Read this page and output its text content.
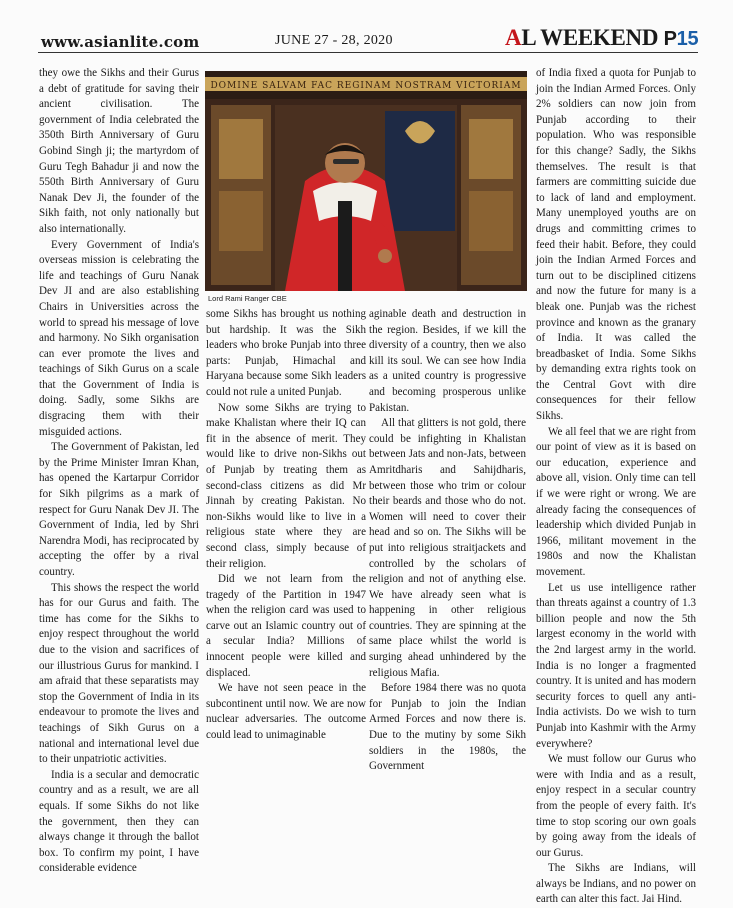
www.asianlite.com	JUNE 27 - 28, 2020	AL WEEKEND P15

they owe the Sikhs and their Gurus a debt of gratitude for saving their ancient civilisation. The government of India celebrated the 350th Birth Anniversary of Guru Gobind Singh ji; the martyrdom of Guru Tegh Bahadur ji and now the 550th Birth Anniversary of Guru Nanak Dev Ji, the founder of the Sikh faith, not only nationally but also internationally.

Every Government of India's overseas mission is celebrating the life and teachings of Guru Nanak Dev JI and are also establishing Chairs in Universities across the world to spread his message of love and harmony. No Sikh organisation can ever promote the lives and teachings of Sikh Gurus on a scale that the Government of India is doing. Sadly, some Sikhs are disgracing them with their misguided actions.

The Government of Pakistan, led by the Prime Minister Imran Khan, has opened the Kartarpur Corridor for Sikh pilgrims as a mark of respect for Guru Nanak Dev JI. The Government of India, led by Shri Narendra Modi, has reciprocated by accepting the offer by a rival country.

This shows the respect the world has for our Gurus and faith. The time has come for the Sikhs to enjoy respect throughout the world due to the vision and sacrifices of our illustrious Gurus for mankind. I am afraid that these separatists may stop the Government of India in its endeavour to promote the lives and teachings of Sikh Gurus on a national and international level due to their unpatriotic activities.

India is a secular and democratic country and as a result, we are all equals. If some Sikhs do not like the government, then they can always change it through the ballot box. To confirm my point, I have considerable evidence

DOMINE SALVAM FAC REGINAM NOSTRAM VICTORIAM
Lord Rami Ranger CBE

some Sikhs has brought us nothing but hardship. It was the Sikh leaders who broke Punjab into three parts: Punjab, Himachal and Haryana because some Sikh leaders could not rule a united Punjab.

Now some Sikhs are trying to make Khalistan where their IQ can fit in the absence of merit. They would like to drive non-Sikhs out of Punjab by treating them as second-class citizens as did Mr Jinnah by creating Pakistan. No non-Sikhs would like to live in a religious state where they are second class, simply because of their religion.

Did we not learn from the tragedy of the Partition in 1947 when the religion card was used to carve out an Islamic country out of a secular India? Millions of innocent people were killed and displaced.

We have not seen peace in the subcontinent until now. We are now nuclear adversaries. The outcome could lead to unimaginable

aginable death and destruction in the region. Besides, if we kill the diversity of a country, then we also kill its soul. We can see how India as a united country is progressive and becoming prosperous unlike Pakistan.

All that glitters is not gold, there could be infighting in Khalistan between Jats and non-Jats, between Amritdharis and Sahijdharis, between those who trim or colour their beards and those who do not. Women will need to cover their head and so on. The Sikhs will be put into religious straitjackets and controlled by the scholars of religion and not of anything else. We have already seen what is happening in other religious countries. They are spinning at the same place whilst the world is surging ahead unhindered by the religious Mafia.

Before 1984 there was no quota for Punjab to join the Indian Armed Forces and now there is. Due to the mutiny by some Sikh soldiers in the 1980s, the Government

of India fixed a quota for Punjab to join the Indian Armed Forces. Only 2% soldiers can now join from Punjab according to their population. Who was responsible for this change? Sadly, the Sikhs themselves. The result is that farmers are committing suicide due to lack of land and employment. Many unemployed youths are on drugs and committing crimes to feed their habit. Before, they could join the Indian Armed Forces and turn out to be disciplined citizens and now the future for many is a bleak one. Punjab was the richest province and known as the granary of India. It was called the breadbasket of India. Some Sikhs by demanding extra rights took on the Central Govt with dire consequences for their fellow Sikhs.

We all feel that we are right from our point of view as it is based on our education, experience and above all, vision. Only time can tell if we were right or wrong. We are already facing the consequences of leadership which divided Punjab in 1966, militant movement in the 1980s and now the Khalistan movement.

Let us use intelligence rather than threats against a country of 1.3 billion people and now the 5th largest economy in the world with the 2nd largest army in the world. India is no longer a fragmented country. It is united and has modern security forces to quell any anti-India activists. Do we wish to turn Punjab into Kashmir with the Army everywhere?

We must follow our Gurus who were with India and as a result, enjoy respect in a secular country from the people of every faith. It's time to stop scoring our own goals by going away from the ideals of our Gurus.

The Sikhs are Indians, will always be Indians, and no power on earth can alter this fact. Jai Hind.
